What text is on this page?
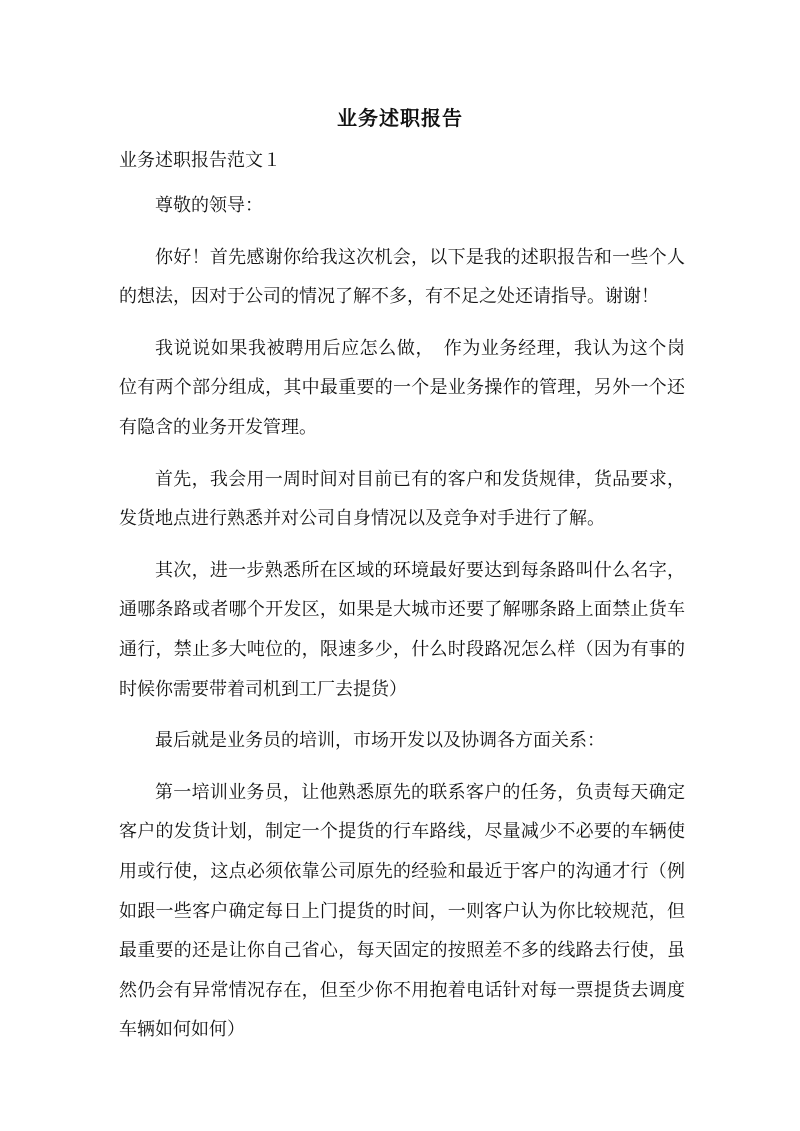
业务述职报告
业务述职报告范文１

尊敬的领导：

你好！首先感谢你给我这次机会，以下是我的述职报告和一些个人的想法，因对于公司的情况了解不多，有不足之处还请指导。谢谢！

我说说如果我被聘用后应怎么做，　作为业务经理，我认为这个岗位有两个部分组成，其中最重要的一个是业务操作的管理，另外一个还有隐含的业务开发管理。

首先，我会用一周时间对目前已有的客户和发货规律，货品要求，发货地点进行熟悉并对公司自身情况以及竞争对手进行了解。

其次，进一步熟悉所在区域的环境最好要达到每条路叫什么名字，通哪条路或者哪个开发区，如果是大城市还要了解哪条路上面禁止货车通行，禁止多大吨位的，限速多少，什么时段路况怎么样（因为有事的时候你需要带着司机到工厂去提货）

最后就是业务员的培训，市场开发以及协调各方面关系：

第一培训业务员，让他熟悉原先的联系客户的任务，负责每天确定客户的发货计划，制定一个提货的行车路线，尽量减少不必要的车辆使用或行使，这点必须依靠公司原先的经验和最近于客户的沟通才行（例如跟一些客户确定每日上门提货的时间，一则客户认为你比较规范，但最重要的还是让你自己省心，每天固定的按照差不多的线路去行使，虽然仍会有异常情况存在，但至少你不用抱着电话针对每一票提货去调度车辆如何如何）
